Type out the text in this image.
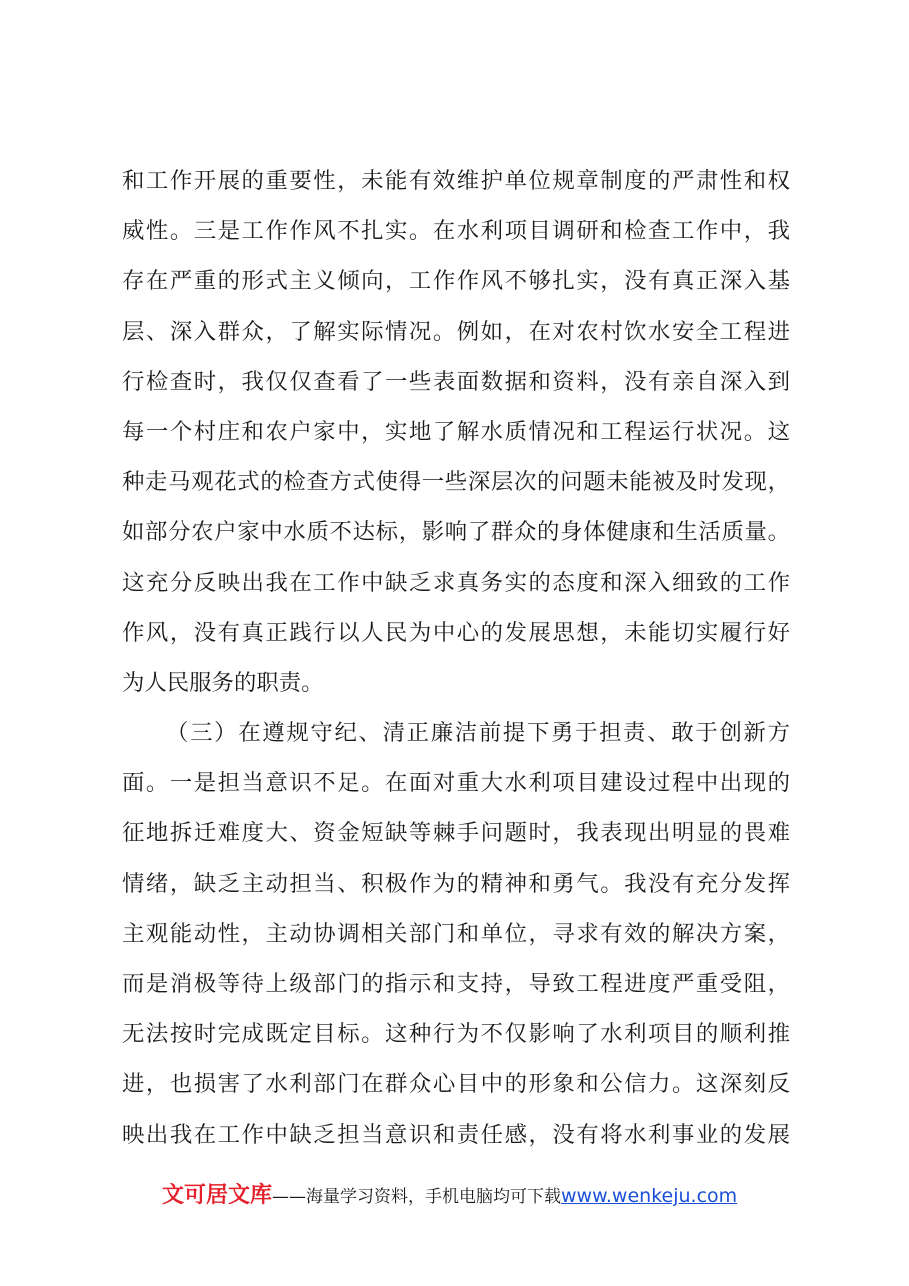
和工作开展的重要性，未能有效维护单位规章制度的严肃性和权
威性。三是工作作风不扎实。在水利项目调研和检查工作中，我
存在严重的形式主义倾向，工作作风不够扎实，没有真正深入基
层、深入群众，了解实际情况。例如，在对农村饮水安全工程进
行检查时，我仅仅查看了一些表面数据和资料，没有亲自深入到
每一个村庄和农户家中，实地了解水质情况和工程运行状况。这
种走马观花式的检查方式使得一些深层次的问题未能被及时发现，
如部分农户家中水质不达标，影响了群众的身体健康和生活质量。
这充分反映出我在工作中缺乏求真务实的态度和深入细致的工作
作风，没有真正践行以人民为中心的发展思想，未能切实履行好
为人民服务的职责。
（三）在遵规守纪、清正廉洁前提下勇于担责、敢于创新方
面。一是担当意识不足。在面对重大水利项目建设过程中出现的
征地拆迁难度大、资金短缺等棘手问题时，我表现出明显的畏难
情绪，缺乏主动担当、积极作为的精神和勇气。我没有充分发挥
主观能动性，主动协调相关部门和单位，寻求有效的解决方案，
而是消极等待上级部门的指示和支持，导致工程进度严重受阻，
无法按时完成既定目标。这种行为不仅影响了水利项目的顺利推
进，也损害了水利部门在群众心目中的形象和公信力。这深刻反
映出我在工作中缺乏担当意识和责任感，没有将水利事业的发展
文可居文库——海量学习资料，手机电脑均可下载www.wenkeju.com
